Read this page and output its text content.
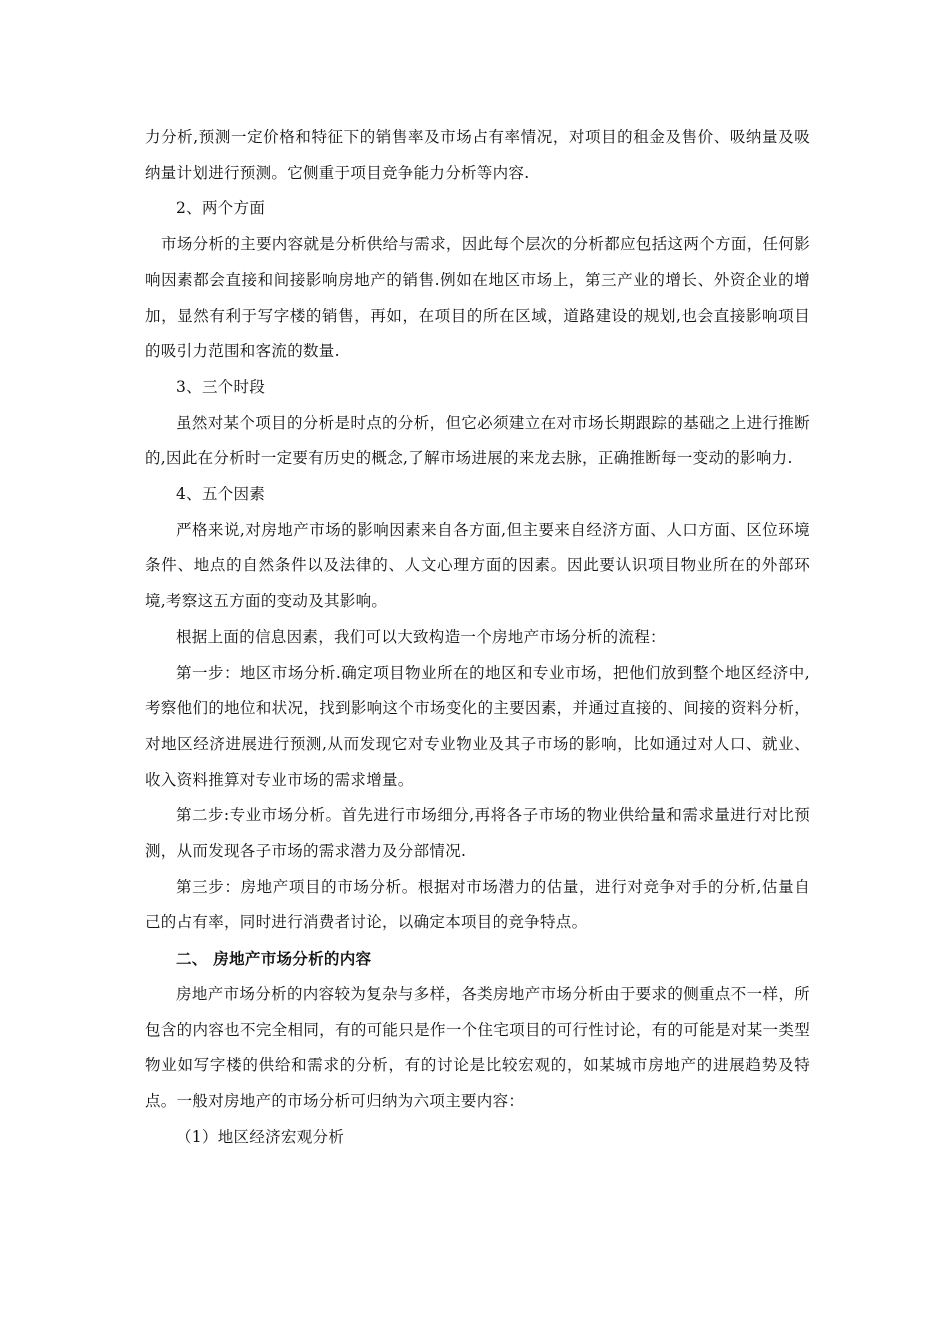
力分析,预测一定价格和特征下的销售率及市场占有率情况，对项目的租金及售价、吸纳量及吸纳量计划进行预测。它侧重于项目竞争能力分析等内容.

2、两个方面

市场分析的主要内容就是分析供给与需求，因此每个层次的分析都应包括这两个方面，任何影响因素都会直接和间接影响房地产的销售.例如在地区市场上，第三产业的增长、外资企业的增加，显然有利于写字楼的销售，再如，在项目的所在区域，道路建设的规划,也会直接影响项目的吸引力范围和客流的数量.

3、三个时段

虽然对某个项目的分析是时点的分析，但它必须建立在对市场长期跟踪的基础之上进行推断的,因此在分析时一定要有历史的概念,了解市场进展的来龙去脉，正确推断每一变动的影响力.

4、五个因素

严格来说,对房地产市场的影响因素来自各方面,但主要来自经济方面、人口方面、区位环境条件、地点的自然条件以及法律的、人文心理方面的因素。因此要认识项目物业所在的外部环境,考察这五方面的变动及其影响。

根据上面的信息因素，我们可以大致构造一个房地产市场分析的流程：

第一步：地区市场分析.确定项目物业所在的地区和专业市场，把他们放到整个地区经济中,考察他们的地位和状况，找到影响这个市场变化的主要因素，并通过直接的、间接的资料分析，对地区经济进展进行预测,从而发现它对专业物业及其子市场的影响，比如通过对人口、就业、收入资料推算对专业市场的需求增量。

第二步:专业市场分析。首先进行市场细分,再将各子市场的物业供给量和需求量进行对比预测，从而发现各子市场的需求潜力及分部情况.

第三步：房地产项目的市场分析。根据对市场潜力的估量，进行对竞争对手的分析,估量自己的占有率，同时进行消费者讨论，以确定本项目的竞争特点。

二、 房地产市场分析的内容

房地产市场分析的内容较为复杂与多样，各类房地产市场分析由于要求的侧重点不一样，所包含的内容也不完全相同，有的可能只是作一个住宅项目的可行性讨论，有的可能是对某一类型物业如写字楼的供给和需求的分析，有的讨论是比较宏观的，如某城市房地产的进展趋势及特点。一般对房地产的市场分析可归纳为六项主要内容：

（1）地区经济宏观分析
